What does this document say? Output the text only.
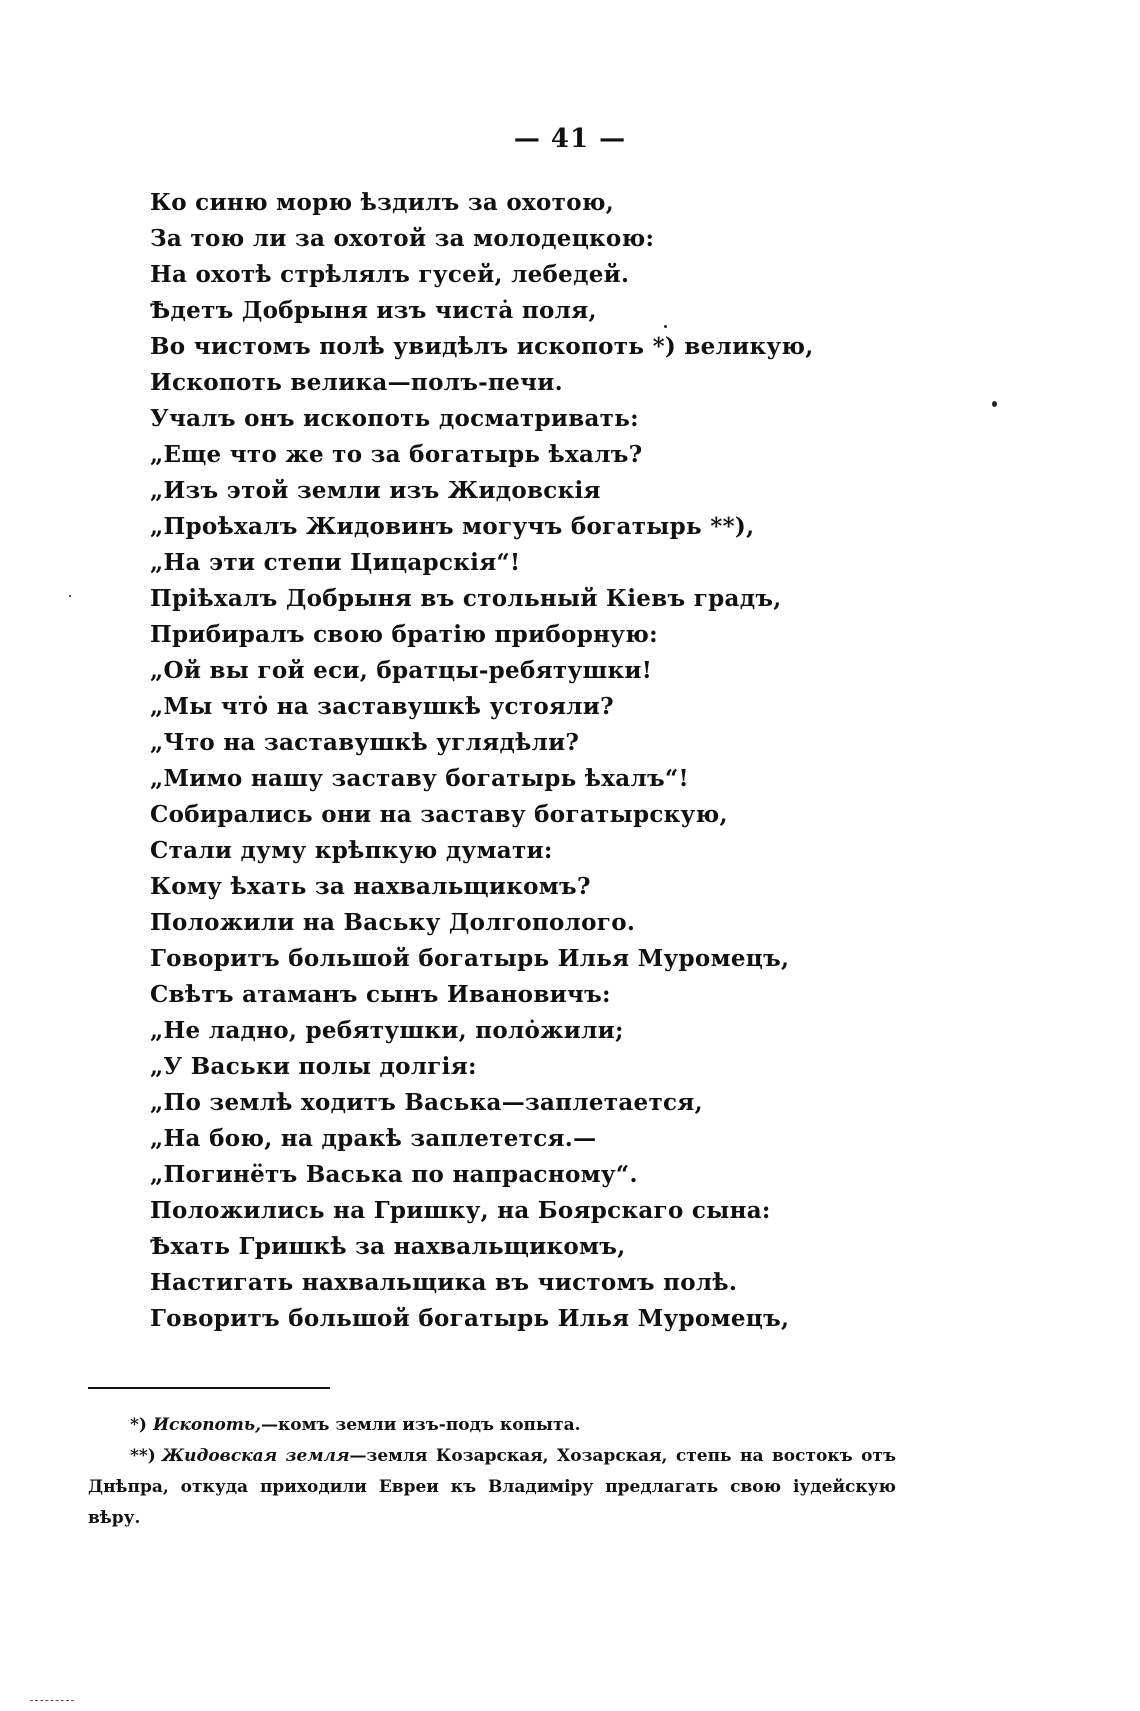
— 41 —
Ко синю морю ѣздилъ за охотою,
За тою ли за охотой за молодецкою:
На охотѣ стрѣлялъ гусей, лебедей.
Ѣдетъ Добрыня изъ чистȧ поля,
Во чистомъ полѣ увидѣлъ ископоть *) великую,
Ископоть велика—полъ-печи.
Учалъ онъ ископоть досматривать:
„Еще что же то за богатырь ѣхалъ?
„Изъ этой земли изъ Жидовскія
„Проѣхалъ Жидовинъ могучъ богатырь **),
„На эти степи Цицарскія“!
Пріѣхалъ Добрыня въ стольный Кіевъ градъ,
Прибиралъ свою братію приборную:
„Ой вы гой еси, братцы-ребятушки!
„Мы чтȯ на заставушкѣ устояли?
„Что на заставушкѣ углядѣли?
„Мимо нашу заставу богатырь ѣхалъ“!
Собирались они на заставу богатырскую,
Стали думу крѣпкую думати:
Кому ѣхать за нахвальщикомъ?
Положили на Ваську Долгополого.
Говоритъ большой богатырь Илья Муромецъ,
Свѣтъ атаманъ сынъ Ивановичъ:
„Не ладно, ребятушки, полȯжили;
„У Васьки полы долгія:
„По землѣ ходитъ Васька—заплетается,
„На бою, на дракѣ заплетется.—
„Погинётъ Васька по напрасному“.
Положились на Гришку, на Боярскаго сына:
Ѣхать Гришкѣ за нахвальщикомъ,
Настигать нахвальщика въ чистомъ полѣ.
Говоритъ большой богатырь Илья Муромецъ,

*) Ископоть,—комъ земли изъ-подъ копыта.

**) Жидовская земля—земля Козарская, Хозарская, степь на востокъ отъ Днѣпра, откуда приходили Евреи къ Владиміру предлагать свою іудейскую вѣру.
